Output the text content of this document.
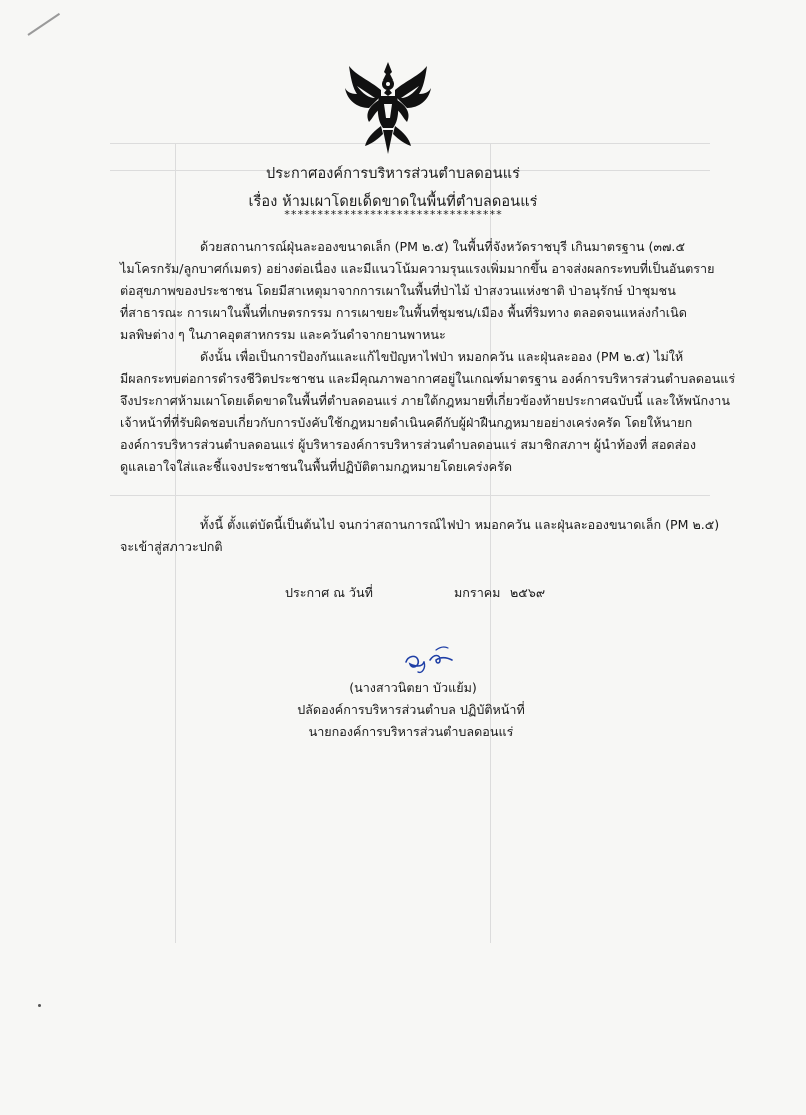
ประกาศองค์การบริหารส่วนตำบลดอนแร่
เรื่อง ห้ามเผาโดยเด็ดขาดในพื้นที่ตำบลดอนแร่
*********************************
ด้วยสถานการณ์ฝุ่นละอองขนาดเล็ก (PM ๒.๕) ในพื้นที่จังหวัดราชบุรี เกินมาตรฐาน (๓๗.๕
ไมโครกรัม/ลูกบาศก์เมตร) อย่างต่อเนื่อง และมีแนวโน้มความรุนแรงเพิ่มมากขึ้น อาจส่งผลกระทบที่เป็นอันตราย
ต่อสุขภาพของประชาชน โดยมีสาเหตุมาจากการเผาในพื้นที่ป่าไม้ ป่าสงวนแห่งชาติ ป่าอนุรักษ์ ป่าชุมชน
ที่สาธารณะ การเผาในพื้นที่เกษตรกรรม การเผาขยะในพื้นที่ชุมชน/เมือง พื้นที่ริมทาง ตลอดจนแหล่งกำเนิด
มลพิษต่าง ๆ ในภาคอุตสาหกรรม และควันดำจากยานพาหนะ
ดังนั้น เพื่อเป็นการป้องกันและแก้ไขปัญหาไฟป่า หมอกควัน และฝุ่นละออง (PM ๒.๕) ไม่ให้
มีผลกระทบต่อการดำรงชีวิตประชาชน และมีคุณภาพอากาศอยู่ในเกณฑ์มาตรฐาน องค์การบริหารส่วนตำบลดอนแร่
จึงประกาศห้ามเผาโดยเด็ดขาดในพื้นที่ตำบลดอนแร่ ภายใต้กฎหมายที่เกี่ยวข้องท้ายประกาศฉบับนี้ และให้พนักงาน
เจ้าหน้าที่ที่รับผิดชอบเกี่ยวกับการบังคับใช้กฎหมายดำเนินคดีกับผู้ฝ่าฝืนกฎหมายอย่างเคร่งครัด โดยให้นายก
องค์การบริหารส่วนตำบลดอนแร่ ผู้บริหารองค์การบริหารส่วนตำบลดอนแร่ สมาชิกสภาฯ ผู้นำท้องที่ สอดส่อง
ดูแลเอาใจใส่และชี้แจงประชาชนในพื้นที่ปฏิบัติตามกฎหมายโดยเคร่งครัด
ทั้งนี้ ตั้งแต่บัดนี้เป็นต้นไป จนกว่าสถานการณ์ไฟป่า หมอกควัน และฝุ่นละอองขนาดเล็ก (PM ๒.๕)
จะเข้าสู่สภาวะปกติ
ประกาศ ณ วันที่	มกราคม ๒๕๖๙
(นางสาวนิตยา บัวแย้ม)
ปลัดองค์การบริหารส่วนตำบล ปฏิบัติหน้าที่
นายกองค์การบริหารส่วนตำบลดอนแร่
